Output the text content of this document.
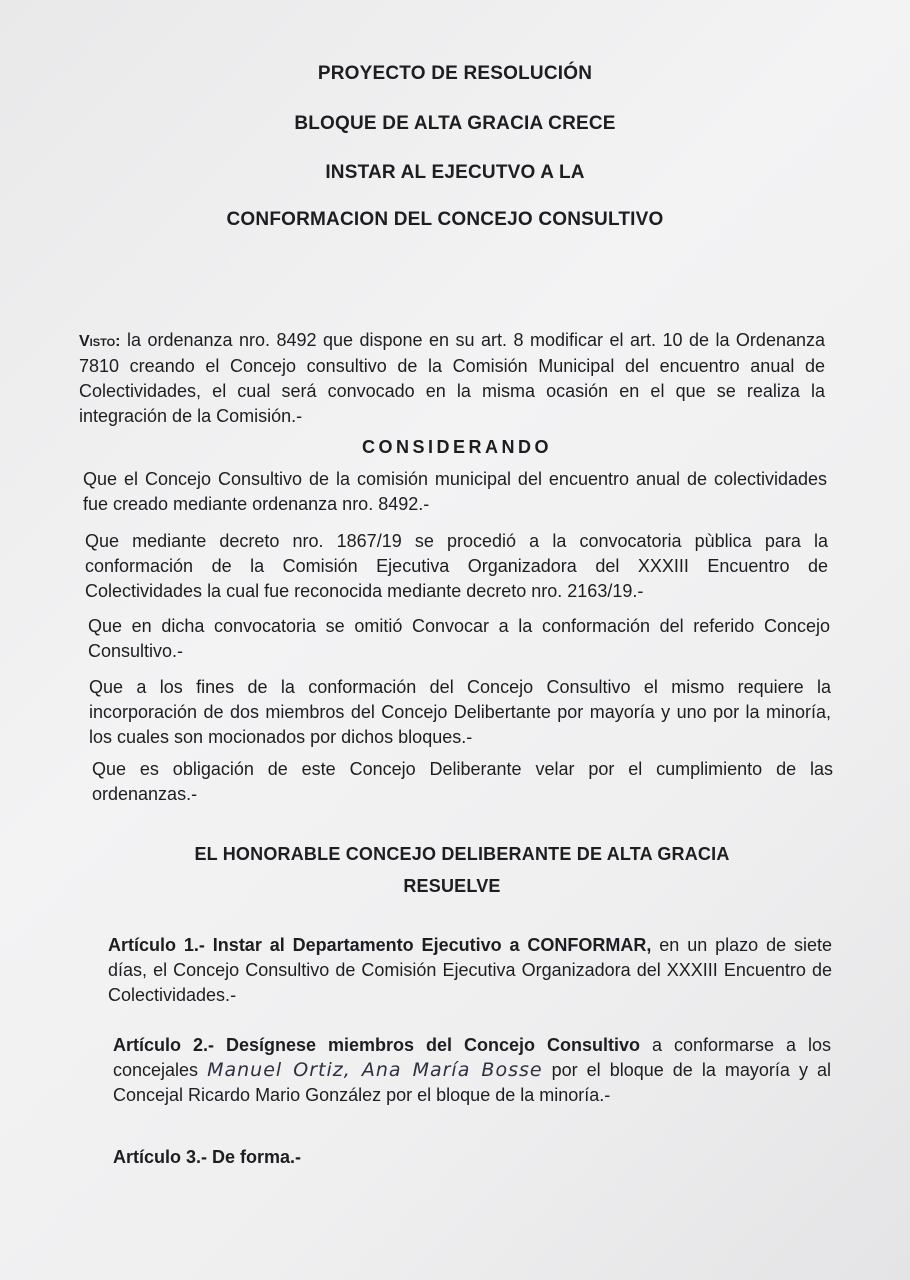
PROYECTO DE RESOLUCIÓN
BLOQUE DE ALTA GRACIA CRECE
INSTAR AL EJECUTVO A LA
CONFORMACION DEL CONCEJO CONSULTIVO
Visto: la ordenanza nro. 8492 que dispone en su art. 8 modificar el art. 10 de la Ordenanza 7810 creando el Concejo consultivo de la Comisión Municipal del encuentro anual de Colectividades, el cual será convocado en la misma ocasión en el que se realiza la integración de la Comisión.-
CONSIDERANDO
Que el Concejo Consultivo de la comisión municipal del encuentro anual de colectividades fue creado mediante ordenanza nro. 8492.-
Que mediante decreto nro. 1867/19 se procedió a la convocatoria pùblica para la conformación de la Comisión Ejecutiva Organizadora del XXXIII Encuentro de Colectividades la cual fue reconocida mediante decreto nro. 2163/19.-
Que en dicha convocatoria se omitió Convocar a la conformación del referido Concejo Consultivo.-
Que a los fines de la conformación del Concejo Consultivo el mismo requiere la incorporación de dos miembros del Concejo Delibertante por mayoría y uno por la minoría, los cuales son mocionados por dichos bloques.-
Que es obligación de este Concejo Deliberante velar por el cumplimiento de las ordenanzas.-
EL HONORABLE CONCEJO DELIBERANTE DE ALTA GRACIA
RESUELVE
Artículo 1.- Instar al Departamento Ejecutivo a CONFORMAR, en un plazo de siete días, el Concejo Consultivo de Comisión Ejecutiva Organizadora del XXXIII Encuentro de Colectividades.-
Artículo 2.- Desígnese miembros del Concejo Consultivo a conformarse a los concejales Manuel Ortiz, Ana María Bosse por el bloque de la mayoría y al Concejal Ricardo Mario González por el bloque de la minoría.-
Artículo 3.- De forma.-
